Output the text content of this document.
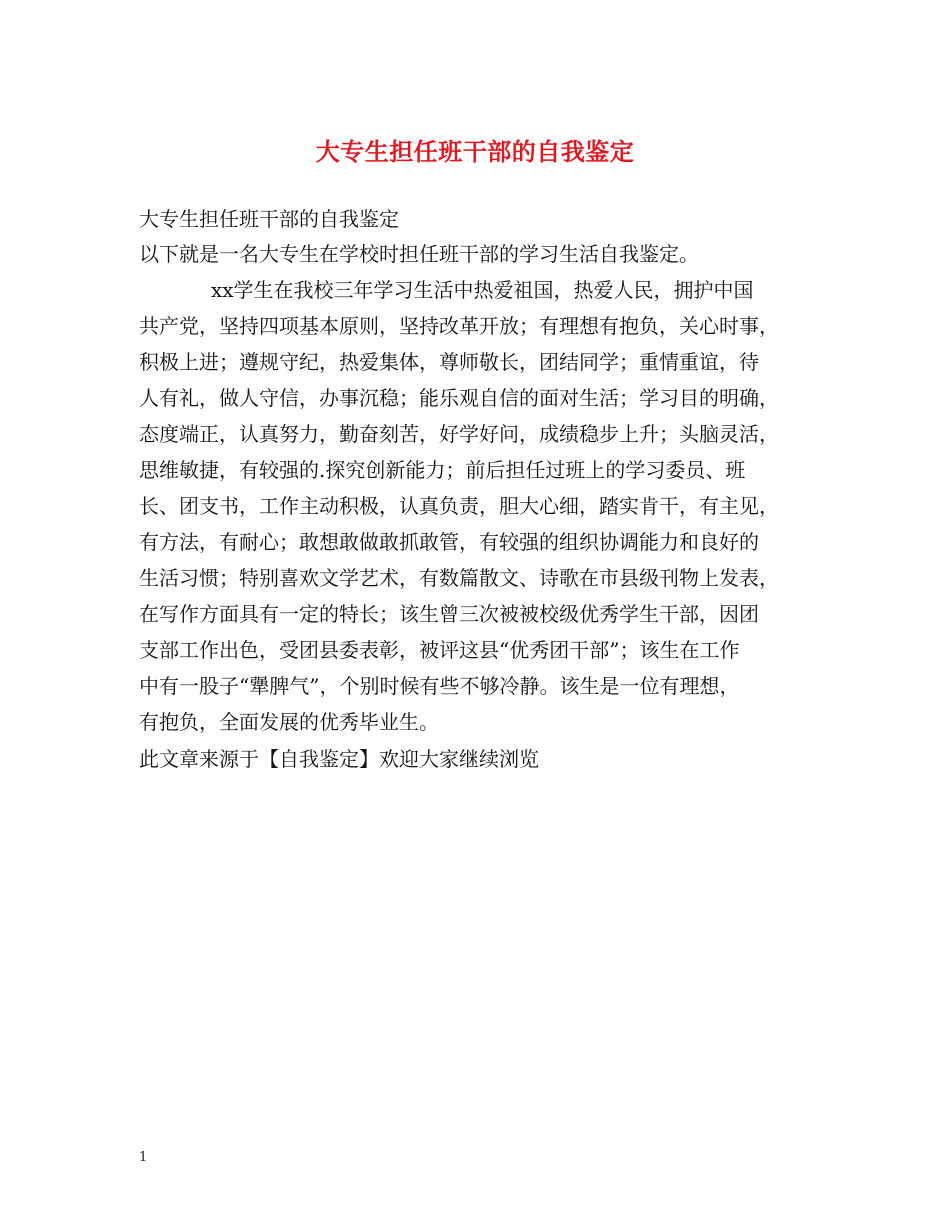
大专生担任班干部的自我鉴定
大专生担任班干部的自我鉴定
以下就是一名大专生在学校时担任班干部的学习生活自我鉴定。
xx学生在我校三年学习生活中热爱祖国，热爱人民，拥护中国
共产党，坚持四项基本原则，坚持改革开放；有理想有抱负，关心时事，
积极上进；遵规守纪，热爱集体，尊师敬长，团结同学；重情重谊，待
人有礼，做人守信，办事沉稳；能乐观自信的面对生活；学习目的明确，
态度端正，认真努力，勤奋刻苦，好学好问，成绩稳步上升；头脑灵活，
思维敏捷，有较强的.探究创新能力；前后担任过班上的学习委员、班
长、团支书，工作主动积极，认真负责，胆大心细，踏实肯干，有主见，
有方法，有耐心；敢想敢做敢抓敢管，有较强的组织协调能力和良好的
生活习惯；特别喜欢文学艺术，有数篇散文、诗歌在市县级刊物上发表，
在写作方面具有一定的特长；该生曾三次被被校级优秀学生干部，因团
支部工作出色，受团县委表彰，被评这县“优秀团干部”；该生在工作
中有一股子“犟脾气”，个别时候有些不够冷静。该生是一位有理想，
有抱负，全面发展的优秀毕业生。
此文章来源于【自我鉴定】欢迎大家继续浏览
1
